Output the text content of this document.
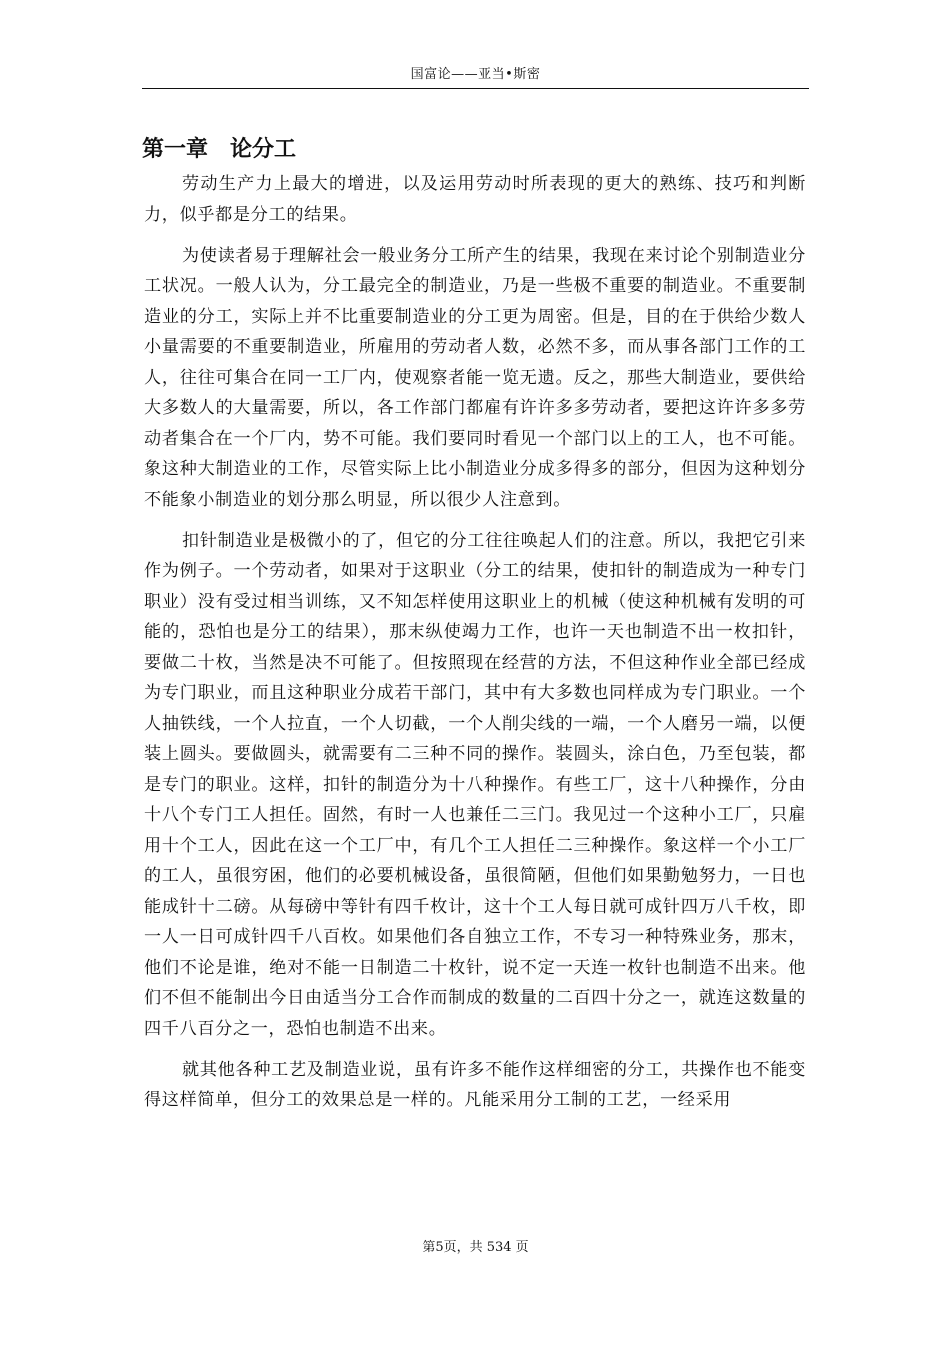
国富论——亚当•斯密
第一章　论分工

劳动生产力上最大的增进，以及运用劳动时所表现的更大的熟练、技巧和判断力，似乎都是分工的结果。

为使读者易于理解社会一般业务分工所产生的结果，我现在来讨论个别制造业分工状况。一般人认为，分工最完全的制造业，乃是一些极不重要的制造业。不重要制造业的分工，实际上并不比重要制造业的分工更为周密。但是，目的在于供给少数人小量需要的不重要制造业，所雇用的劳动者人数，必然不多，而从事各部门工作的工人，往往可集合在同一工厂内，使观察者能一览无遗。反之，那些大制造业，要供给大多数人的大量需要，所以，各工作部门都雇有许许多多劳动者，要把这许许多多劳动者集合在一个厂内，势不可能。我们要同时看见一个部门以上的工人，也不可能。象这种大制造业的工作，尽管实际上比小制造业分成多得多的部分，但因为这种划分不能象小制造业的划分那么明显，所以很少人注意到。

扣针制造业是极微小的了，但它的分工往往唤起人们的注意。所以，我把它引来作为例子。一个劳动者，如果对于这职业（分工的结果，使扣针的制造成为一种专门职业）没有受过相当训练，又不知怎样使用这职业上的机械（使这种机械有发明的可能的，恐怕也是分工的结果），那末纵使竭力工作，也许一天也制造不出一枚扣针，要做二十枚，当然是决不可能了。但按照现在经营的方法，不但这种作业全部已经成为专门职业，而且这种职业分成若干部门，其中有大多数也同样成为专门职业。一个人抽铁线，一个人拉直，一个人切截，一个人削尖线的一端，一个人磨另一端，以便装上圆头。要做圆头，就需要有二三种不同的操作。装圆头，涂白色，乃至包装，都是专门的职业。这样，扣针的制造分为十八种操作。有些工厂，这十八种操作，分由十八个专门工人担任。固然，有时一人也兼任二三门。我见过一个这种小工厂，只雇用十个工人，因此在这一个工厂中，有几个工人担任二三种操作。象这样一个小工厂的工人，虽很穷困，他们的必要机械设备，虽很简陋，但他们如果勤勉努力，一日也能成针十二磅。从每磅中等针有四千枚计，这十个工人每日就可成针四万八千枚，即一人一日可成针四千八百枚。如果他们各自独立工作，不专习一种特殊业务，那末，他们不论是谁，绝对不能一日制造二十枚针，说不定一天连一枚针也制造不出来。他们不但不能制出今日由适当分工合作而制成的数量的二百四十分之一，就连这数量的四千八百分之一，恐怕也制造不出来。

就其他各种工艺及制造业说，虽有许多不能作这样细密的分工，共操作也不能变得这样简单，但分工的效果总是一样的。凡能采用分工制的工艺，一经采用

第5页，共 534 页
